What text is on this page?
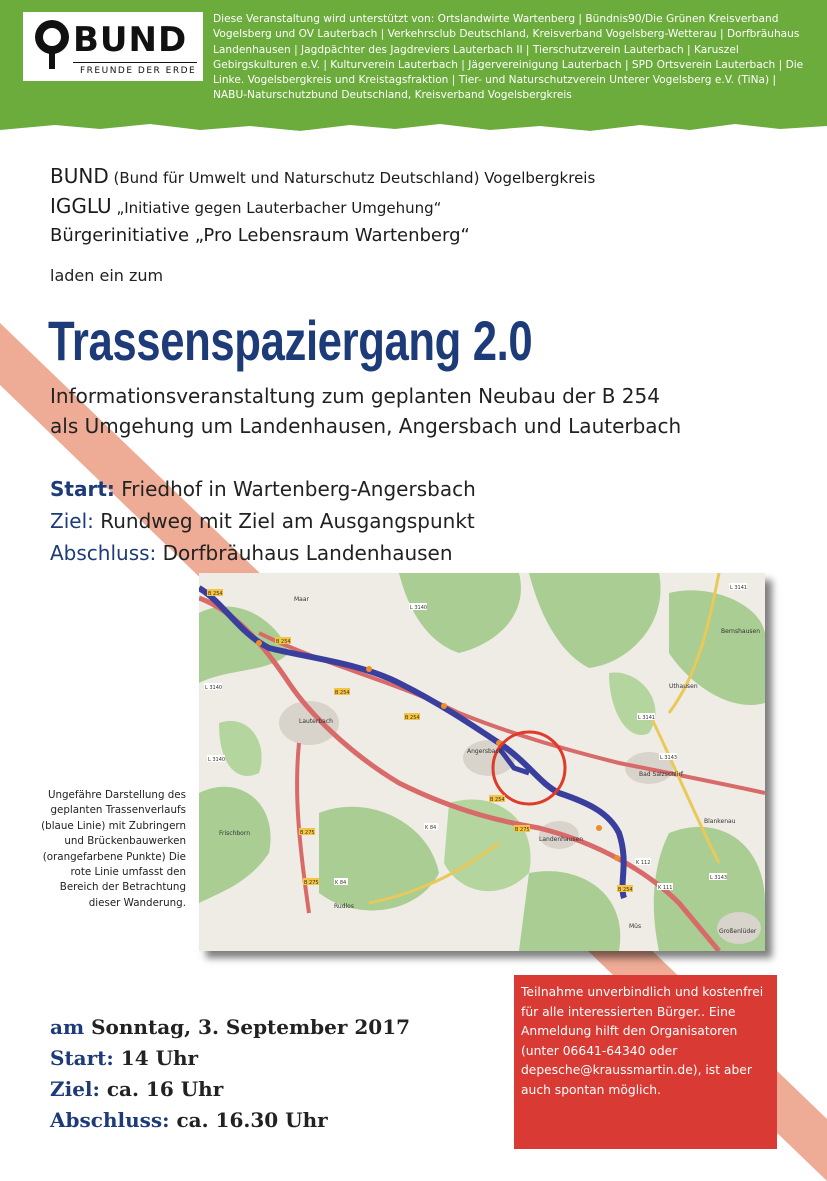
BUND
FREUNDE DER ERDE
Diese Veranstaltung wird unterstützt von: Ortslandwirte Wartenberg | Bündnis90/Die Grünen Kreisverband Vogelsberg und OV Lauterbach | Verkehrsclub Deutschland, Kreisverband Vogelsberg-Wetterau | Dorfbräuhaus Landenhausen | Jagdpächter des Jagdreviers Lauterbach II | Tierschutzverein Lauterbach | Karuszel Gebirgskulturen e.V. | Kulturverein Lauterbach | Jägervereinigung Lauterbach | SPD Ortsverein Lauterbach | Die Linke. Vogelsbergkreis und Kreistagsfraktion | Tier- und Naturschutzverein Unterer Vogelsberg e.V. (TiNa) | NABU-Naturschutzbund Deutschland, Kreisverband Vogelsbergkreis
BUND (Bund für Umwelt und Naturschutz Deutschland) Vogelbergkreis
IGGLU „Initiative gegen Lauterbacher Umgehung“
Bürgerinitiative „Pro Lebensraum Wartenberg“
laden ein zum
Trassenspaziergang 2.0
Informationsveranstaltung zum geplanten Neubau der B 254
als Umgehung um Landenhausen, Angersbach und Lauterbach
Start: Friedhof in Wartenberg-Angersbach
Ziel: Rundweg mit Ziel am Ausgangspunkt
Abschluss: Dorfbräuhaus Landenhausen
Maar
Lauterbach
Angersbach
Landenhausen
Uthausen
Bad Salzschlirf
Frischborn
Rudlos
Müs
Großenlüder
Bernshausen
Blankenau
B 254
B 254
B 254
B 254
B 254
B 275
B 275
B 275
B 254
L 3140
L 3141
L 3143
L 3141
L 3143
K 84
K 84
K 111
K 112
L 3140
L 3140
Ungefähre Darstellung des geplanten Trassenverlaufs (blaue Linie) mit Zubringern und Brückenbauwerken (orangefarbene Punkte) Die rote Linie umfasst den Bereich der Betrachtung dieser Wanderung.
am Sonntag, 3. September 2017
Start: 14 Uhr
Ziel: ca. 16 Uhr
Abschluss: ca. 16.30 Uhr
Teilnahme unverbindlich und kostenfrei für alle interessierten Bürger.. Eine Anmeldung hilft den Organisatoren (unter 06641-64340 oder depesche@kraussmartin.de), ist aber auch spontan möglich.
